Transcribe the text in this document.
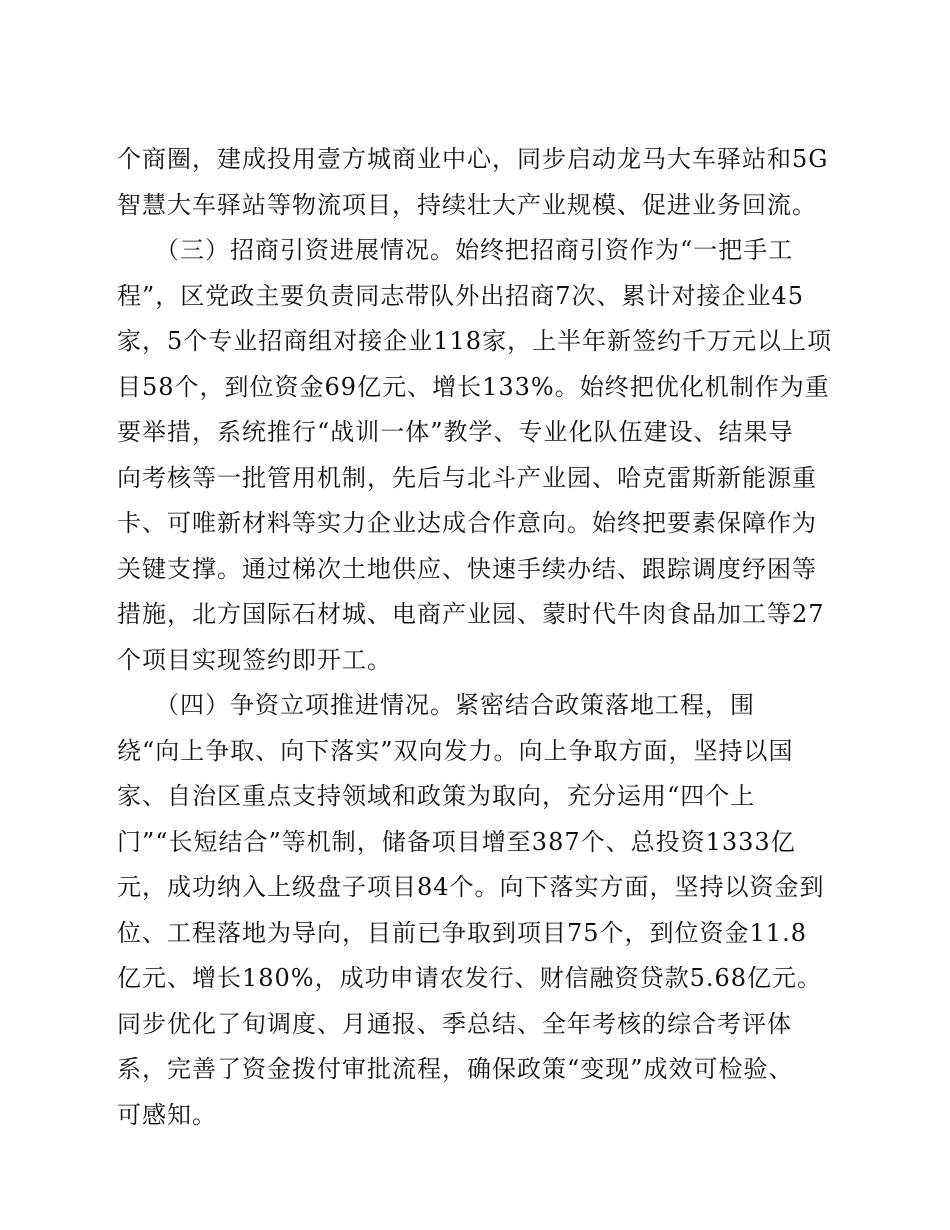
个商圈，建成投用壹方城商业中心，同步启动龙马大车驿站和5G
智慧大车驿站等物流项目，持续壮大产业规模、促进业务回流。
　　（三）招商引资进展情况。始终把招商引资作为“一把手工
程”，区党政主要负责同志带队外出招商7次、累计对接企业45
家，5个专业招商组对接企业118家，上半年新签约千万元以上项
目58个，到位资金69亿元、增长133%。始终把优化机制作为重
要举措，系统推行“战训一体”教学、专业化队伍建设、结果导
向考核等一批管用机制，先后与北斗产业园、哈克雷斯新能源重
卡、可唯新材料等实力企业达成合作意向。始终把要素保障作为
关键支撑。通过梯次土地供应、快速手续办结、跟踪调度纾困等
措施，北方国际石材城、电商产业园、蒙时代牛肉食品加工等27
个项目实现签约即开工。
　　（四）争资立项推进情况。紧密结合政策落地工程，围
绕“向上争取、向下落实”双向发力。向上争取方面，坚持以国
家、自治区重点支持领域和政策为取向，充分运用“四个上
门”“长短结合”等机制，储备项目增至387个、总投资1333亿
元，成功纳入上级盘子项目84个。向下落实方面，坚持以资金到
位、工程落地为导向，目前已争取到项目75个，到位资金11.8
亿元、增长180%，成功申请农发行、财信融资贷款5.68亿元。
同步优化了旬调度、月通报、季总结、全年考核的综合考评体
系，完善了资金拨付审批流程，确保政策“变现”成效可检验、
可感知。
